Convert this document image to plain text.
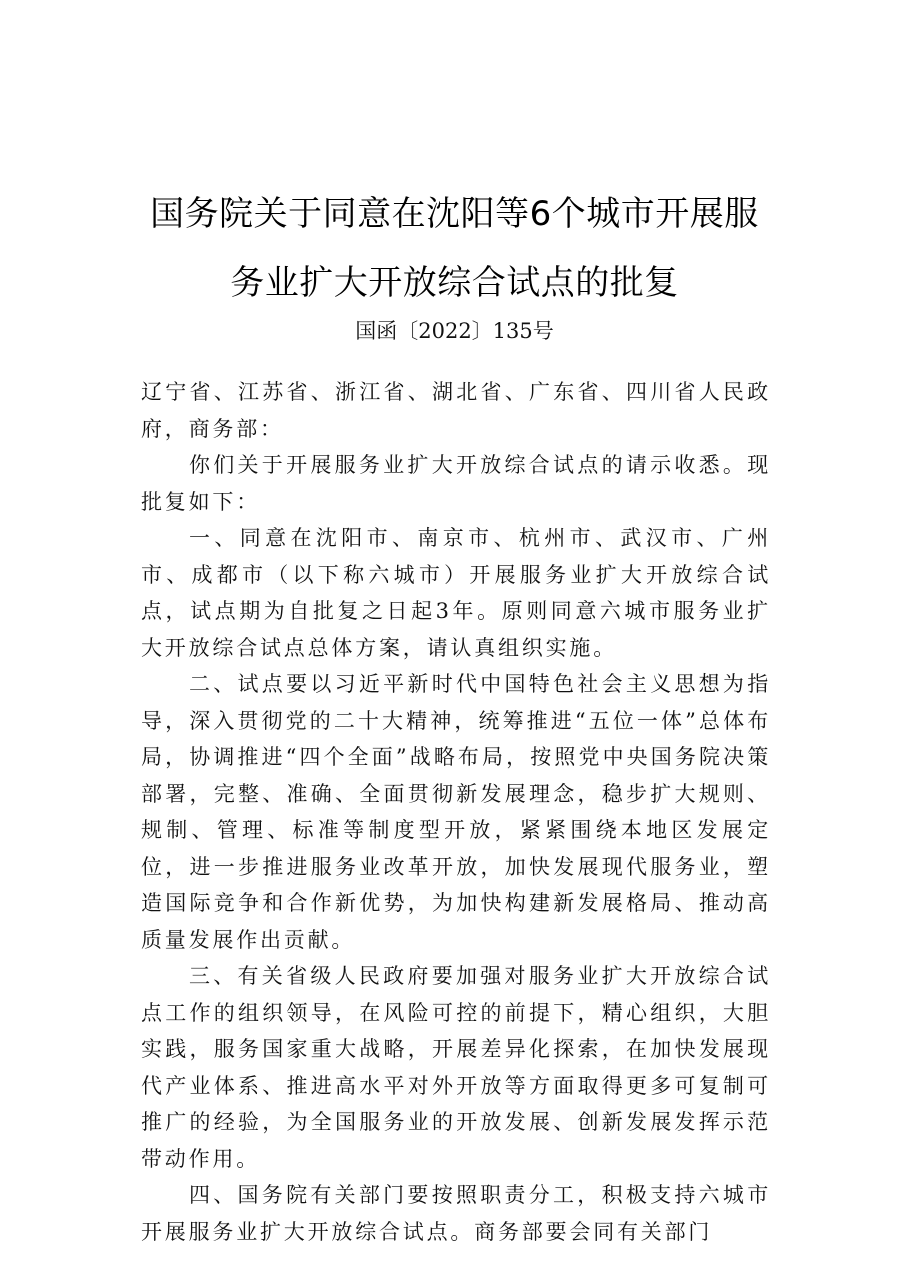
国务院关于同意在沈阳等6个城市开展服
务业扩大开放综合试点的批复
国函〔2022〕135号

辽宁省、江苏省、浙江省、湖北省、广东省、四川省人民政府，商务部：

你们关于开展服务业扩大开放综合试点的请示收悉。现批复如下：

一、同意在沈阳市、南京市、杭州市、武汉市、广州市、成都市（以下称六城市）开展服务业扩大开放综合试点，试点期为自批复之日起3年。原则同意六城市服务业扩大开放综合试点总体方案，请认真组织实施。

二、试点要以习近平新时代中国特色社会主义思想为指导，深入贯彻党的二十大精神，统筹推进“五位一体”总体布局，协调推进“四个全面”战略布局，按照党中央国务院决策部署，完整、准确、全面贯彻新发展理念，稳步扩大规则、规制、管理、标准等制度型开放，紧紧围绕本地区发展定位，进一步推进服务业改革开放，加快发展现代服务业，塑造国际竞争和合作新优势，为加快构建新发展格局、推动高质量发展作出贡献。

三、有关省级人民政府要加强对服务业扩大开放综合试点工作的组织领导，在风险可控的前提下，精心组织，大胆实践，服务国家重大战略，开展差异化探索，在加快发展现代产业体系、推进高水平对外开放等方面取得更多可复制可推广的经验，为全国服务业的开放发展、创新发展发挥示范带动作用。

四、国务院有关部门要按照职责分工，积极支持六城市开展服务业扩大开放综合试点。商务部要会同有关部门
